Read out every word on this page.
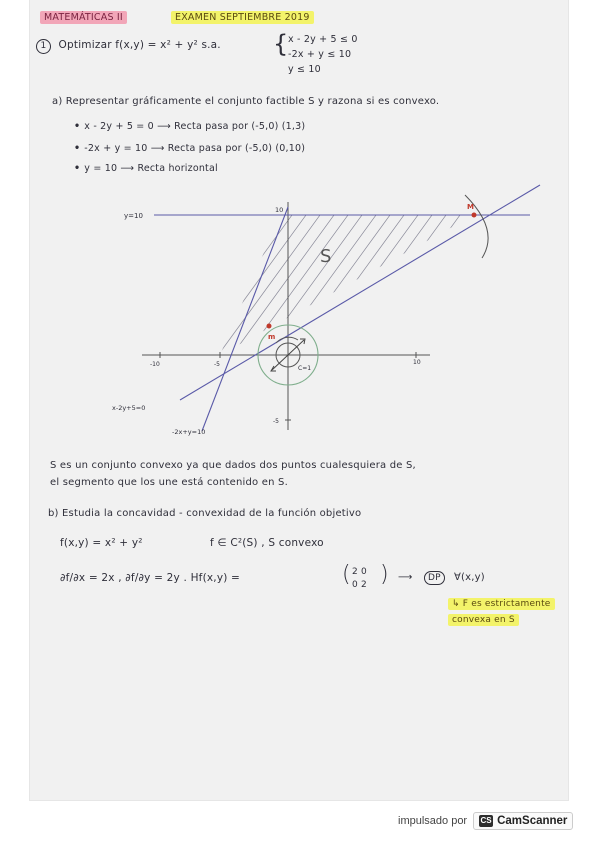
MATEMÁTICAS II	EXAMEN SEPTIEMBRE 2019
1 Optimizar f(x,y) = x² + y² s.a. { x - 2y + 5 ≤ 0
-2x + y ≤ 10
y ≤ 10
a) Representar gráficamente el conjunto factible S y razona si es convexo.
• x - 2y + 5 = 0 ⟶ Recta pasa por (-5,0) (1,3)
• -2x + y = 10 ⟶ Recta pasa por (-5,0) (0,10)
• y = 10 ⟶ Recta horizontal
y=10
10
S
M
m
C=1
-10	-5	10
-5
x-2y+5=0
-2x+y=10
S es un conjunto convexo ya que dados dos puntos cualesquiera de S,
el segmento que los une está contenido en S.
b) Estudia la concavidad - convexidad de la función objetivo
f(x,y) = x² + y²	f ∈ C²(S) , S convexo
∂f/∂x = 2x , ∂f/∂y = 2y . Hf(x,y) =	( 2 0
0 2 ) ⟶	DP	∀(x,y)
↳ F es estrictamente
convexa en S
impulsado por CS CamScanner
